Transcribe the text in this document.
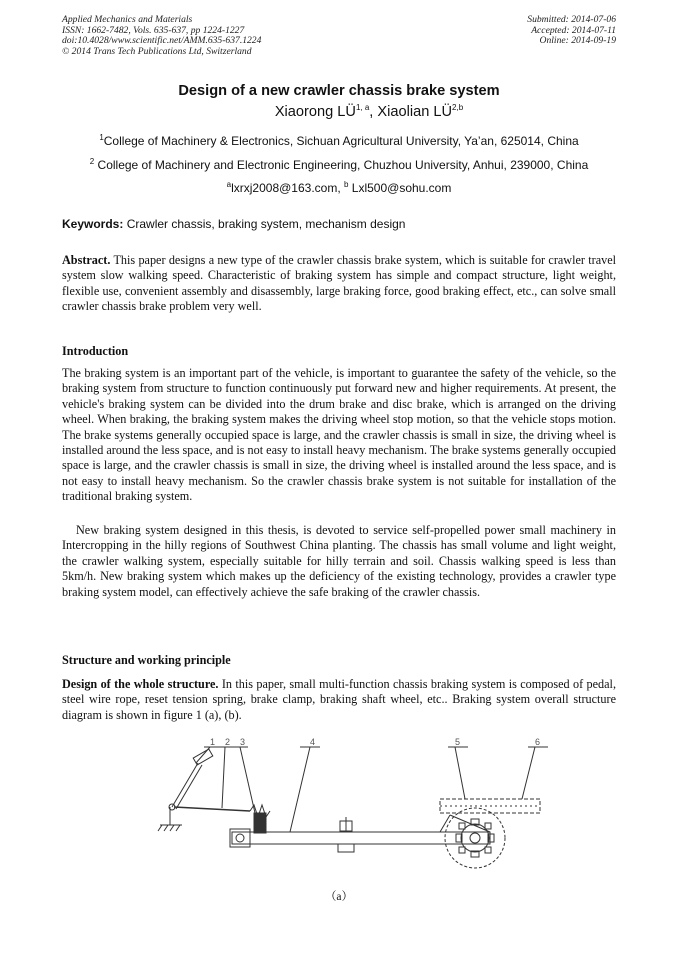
Applied Mechanics and Materials
ISSN: 1662-7482, Vols. 635-637, pp 1224-1227
doi:10.4028/www.scientific.net/AMM.635-637.1224
© 2014 Trans Tech Publications Ltd, Switzerland
Submitted: 2014-07-06
Accepted: 2014-07-11
Online: 2014-09-19
Design of a new crawler chassis brake system
Xiaorong LÜ$^{1, a}$, Xiaolian LÜ$^{2,b}$
$^1$College of Machinery & Electronics, Sichuan Agricultural University, Ya’an, 625014, China
$^2$ College of Machinery and Electronic Engineering, Chuzhou University, Anhui, 239000, China
$^a$lxrxj2008@163.com, $^b$ Lxl500@sohu.com
Keywords: Crawler chassis, braking system, mechanism design
Abstract. This paper designs a new type of the crawler chassis brake system, which is suitable for crawler travel system slow walking speed. Characteristic of braking system has simple and compact structure, light weight, flexible use, convenient assembly and disassembly, large braking force, good braking effect, etc., can solve small crawler chassis brake problem very well.
Introduction
The braking system is an important part of the vehicle, is important to guarantee the safety of the vehicle, so the braking system from structure to function continuously put forward new and higher requirements. At present, the vehicle's braking system can be divided into the drum brake and disc brake, which is arranged on the driving wheel. When braking, the braking system makes the driving wheel stop motion, so that the vehicle stops motion. The brake systems generally occupied space is large, and the crawler chassis is small in size, the driving wheel is installed around the less space, and is not easy to install heavy mechanism. The brake systems generally occupied space is large, and the crawler chassis is small in size, the driving wheel is installed around the less space, and is not easy to install heavy mechanism. So the crawler chassis brake system is not suitable for installation of the traditional braking system.
New braking system designed in this thesis, is devoted to service self-propelled power small machinery in Intercropping in the hilly regions of Southwest China planting. The chassis has small volume and light weight, the crawler walking system, especially suitable for hilly terrain and soil. Chassis walking speed is less than 5km/h. New braking system which makes up the deficiency of the existing technology, provides a crawler type braking system model, can effectively achieve the safe braking of the crawler chassis.
Structure and working principle
Design of the whole structure. In this paper, small multi-function chassis braking system is composed of pedal, steel wire rope, reset tension spring, brake clamp, braking shaft wheel, etc.. Braking system overall structure diagram is shown in figure 1 (a), (b).
1 2 3	4	5	6
（a）
